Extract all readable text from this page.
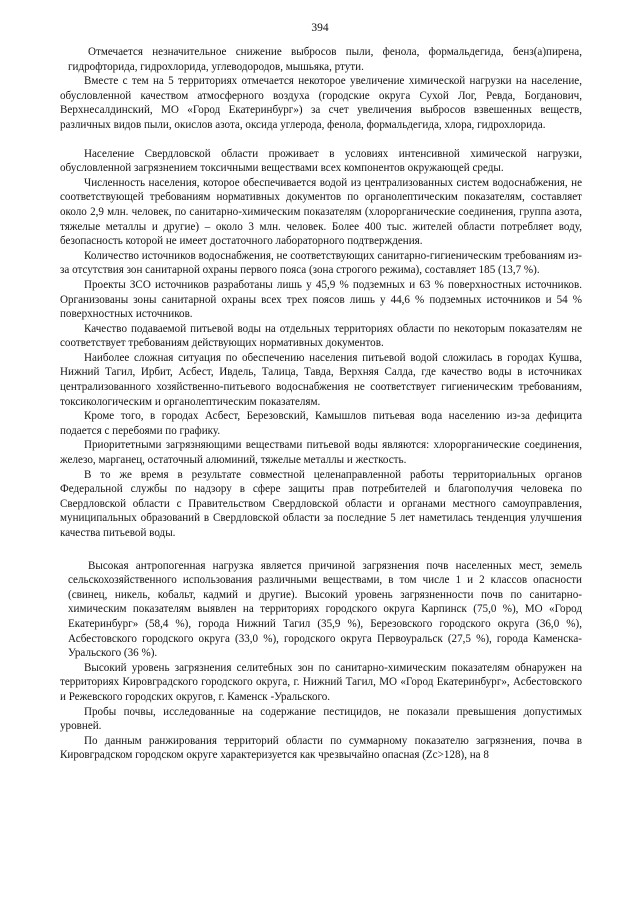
394

Отмечается незначительное снижение выбросов пыли, фенола, формальдегида, бенз(а)пирена, гидрофторида, гидрохлорида, углеводородов, мышьяка, ртути.

Вместе с тем на 5 территориях отмечается некоторое увеличение химической нагрузки на население, обусловленной качеством атмосферного воздуха (городские округа Сухой Лог, Ревда, Богданович, Верхнесалдинский, МО «Город Екатеринбург») за счет увеличения выбросов взвешенных веществ, различных видов пыли, окислов азота, оксида углерода, фенола, формальдегида, хлора, гидрохлорида.

Население Свердловской области проживает в условиях интенсивной химической нагрузки, обусловленной загрязнением токсичными веществами всех компонентов окружающей среды.

Численность населения, которое обеспечивается водой из централизованных систем водоснабжения, не соответствующей требованиям нормативных документов по органолептическим показателям, составляет около 2,9 млн. человек, по санитарно-химическим показателям (хлорорганические соединения, группа азота, тяжелые металлы и другие) – около 3 млн. человек. Более 400 тыс. жителей области потребляет воду, безопасность которой не имеет достаточного лабораторного подтверждения.

Количество источников водоснабжения, не соответствующих санитарно-гигиеническим требованиям из-за отсутствия зон санитарной охраны первого пояса (зона строгого режима), составляет 185 (13,7 %).

Проекты ЗСО источников разработаны лишь у 45,9 % подземных и 63 % поверхностных источников. Организованы зоны санитарной охраны всех трех поясов лишь у 44,6 % подземных источников и 54 % поверхностных источников.

Качество подаваемой питьевой воды на отдельных территориях области по некоторым показателям не соответствует требованиям действующих нормативных документов.

Наиболее сложная ситуация по обеспечению населения питьевой водой сложилась в городах Кушва, Нижний Тагил, Ирбит, Асбест, Ивдель, Талица, Тавда, Верхняя Салда, где качество воды в источниках централизованного хозяйственно-питьевого водоснабжения не соответствует гигиеническим требованиям, токсикологическим и органолептическим показателям.

Кроме того, в городах Асбест, Березовский, Камышлов питьевая вода населению из-за дефицита подается с перебоями по графику.

Приоритетными загрязняющими веществами питьевой воды являются: хлорорганические соединения, железо, марганец, остаточный алюминий, тяжелые металлы и жесткость.

В то же время в результате совместной целенаправленной работы территориальных органов Федеральной службы по надзору в сфере защиты прав потребителей и благополучия человека по Свердловской области с Правительством Свердловской области и органами местного самоуправления, муниципальных образований в Свердловской области за последние 5 лет наметилась тенденция улучшения качества питьевой воды.

Высокая антропогенная нагрузка является причиной загрязнения почв населенных мест, земель сельскохозяйственного использования различными веществами, в том числе 1 и 2 классов опасности (свинец, никель, кобальт, кадмий и другие). Высокий уровень загрязненности почв по санитарно-химическим показателям выявлен на территориях городского округа Карпинск (75,0 %), МО «Город Екатеринбург» (58,4 %), города Нижний Тагил (35,9 %), Березовского городского округа (36,0 %), Асбестовского городского округа (33,0 %), городского округа Первоуральск (27,5 %), города Каменска-Уральского (36 %).

Высокий уровень загрязнения селитебных зон по санитарно-химическим показателям обнаружен на территориях Кировградского городского округа, г. Нижний Тагил, МО «Город Екатеринбург», Асбестовского и Режевского городских округов, г. Каменск -Уральского.

Пробы почвы, исследованные на содержание пестицидов, не показали превышения допустимых уровней.

По данным ранжирования территорий области по суммарному показателю загрязнения, почва в Кировградском городском округе характеризуется как чрезвычайно опасная (Zc>128), на 8
